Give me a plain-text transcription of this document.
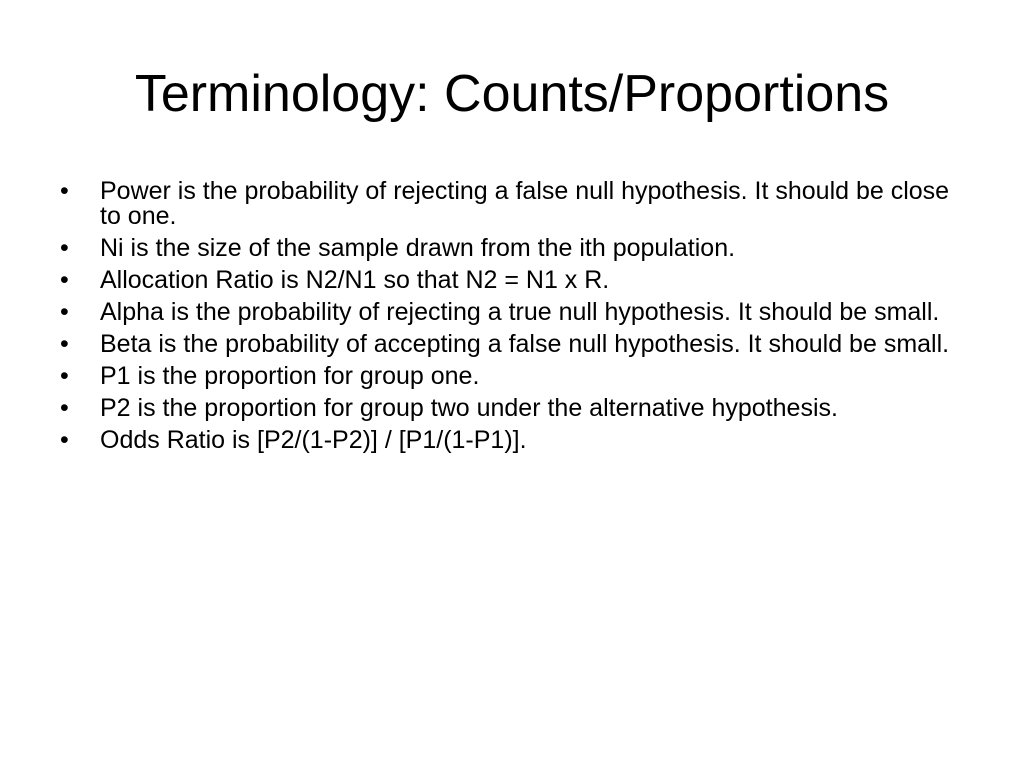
Terminology: Counts/Proportions
•	Power is the probability of rejecting a false null hypothesis. It should be close to one.
•	Ni is the size of the sample drawn from the ith population.
•	Allocation Ratio is N2/N1 so that N2 = N1 x R.
•	Alpha is the probability of rejecting a true null hypothesis. It should be small.
•	Beta is the probability of accepting a false null hypothesis. It should be small.
•	P1 is the proportion for group one.
•	P2 is the proportion for group two under the alternative hypothesis.
•	Odds Ratio is [P2/(1-P2)] / [P1/(1-P1)].
